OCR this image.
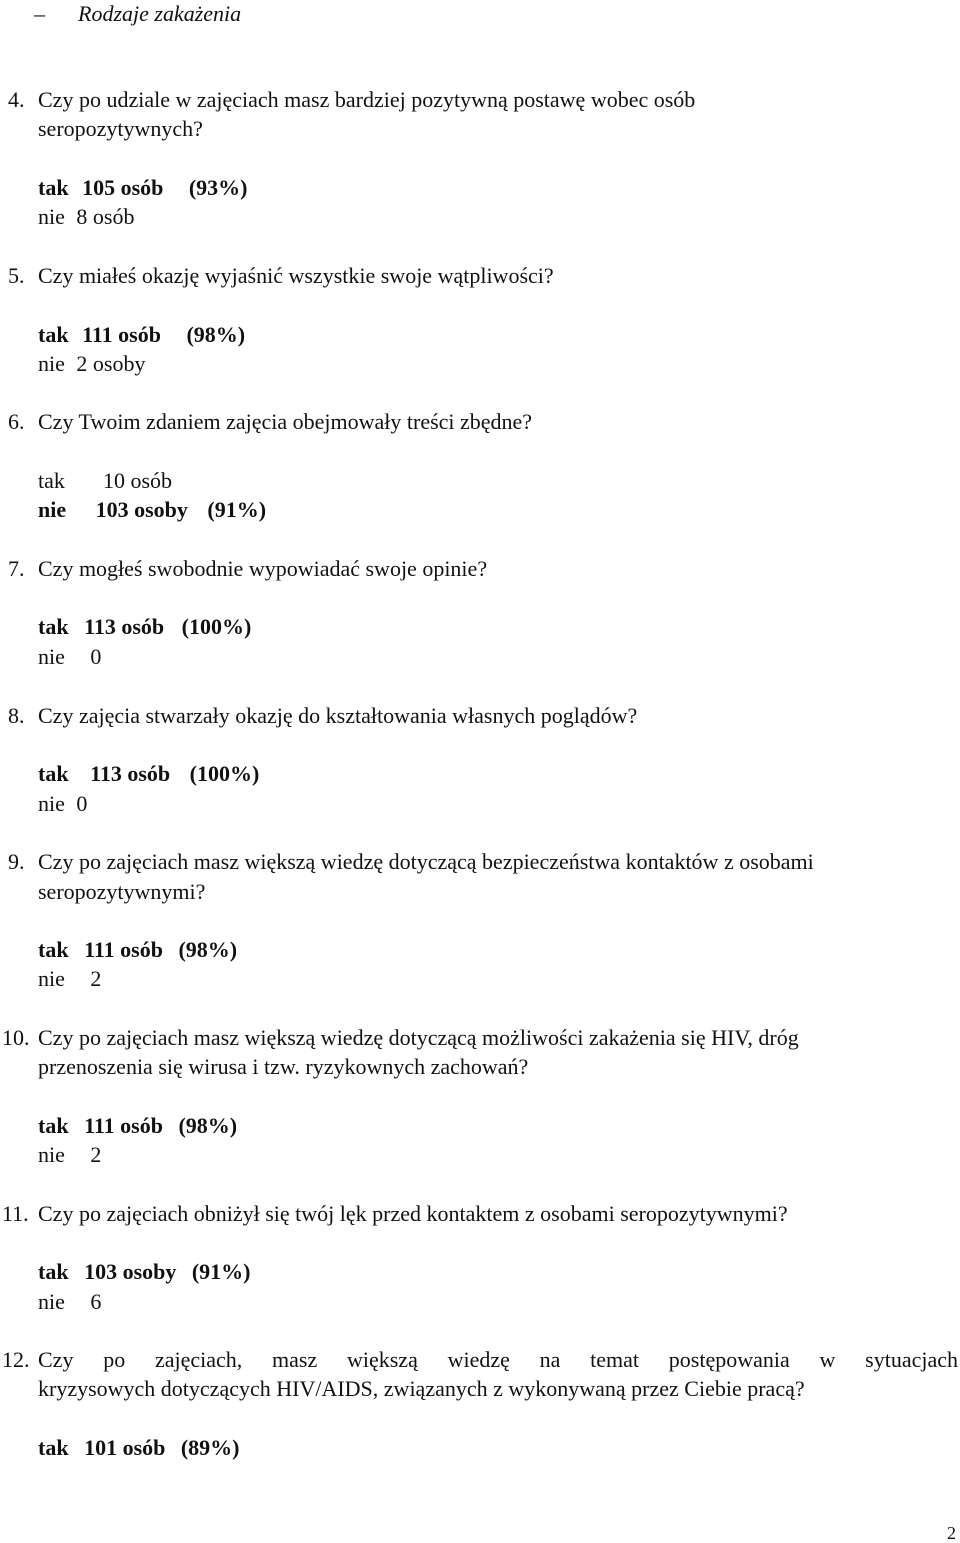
– Rodzaje zakażenia
4. Czy po udziale w zajęciach masz bardziej pozytywną postawę wobec osób
seropozytywnych?
tak 105 osób (93%)
nie 8 osób
5. Czy miałeś okazję wyjaśnić wszystkie swoje wątpliwości?
tak 111 osób (98%)
nie 2 osoby
6. Czy Twoim zdaniem zajęcia obejmowały treści zbędne?
tak 10 osób
nie 103 osoby (91%)
7. Czy mogłeś swobodnie wypowiadać swoje opinie?
tak 113 osób (100%)
nie 0
8. Czy zajęcia stwarzały okazję do kształtowania własnych poglądów?
tak 113 osób (100%)
nie 0
9. Czy po zajęciach masz większą wiedzę dotyczącą bezpieczeństwa kontaktów z osobami
seropozytywnymi?
tak 111 osób (98%)
nie 2
10. Czy po zajęciach masz większą wiedzę dotyczącą możliwości zakażenia się HIV, dróg
przenoszenia się wirusa i tzw. ryzykownych zachowań?
tak 111 osób (98%)
nie 2
11. Czy po zajęciach obniżył się twój lęk przed kontaktem z osobami seropozytywnymi?
tak 103 osoby (91%)
nie 6
12. Czy po zajęciach, masz większą wiedzę na temat postępowania w sytuacjach
kryzysowych dotyczących HIV/AIDS, związanych z wykonywaną przez Ciebie pracą?
tak 101 osób (89%)
2
